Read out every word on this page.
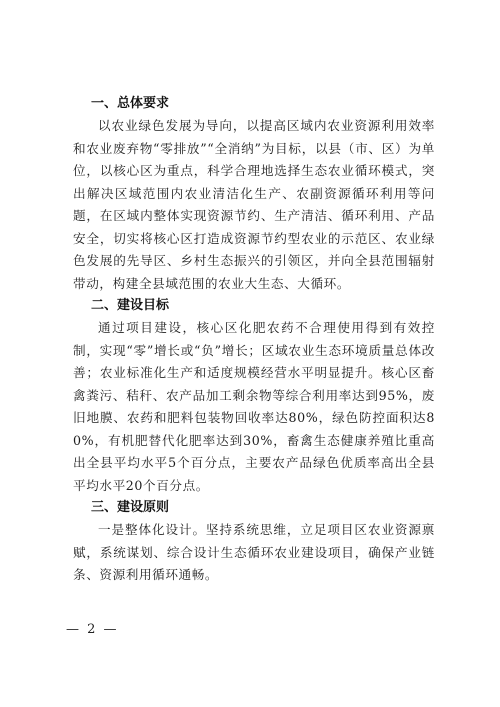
一、总体要求

以农业绿色发展为导向，以提高区域内农业资源利用效率和农业废弃物“零排放”“全消纳”为目标，以县（市、区）为单位，以核心区为重点，科学合理地选择生态农业循环模式，突出解决区域范围内农业清洁化生产、农副资源循环利用等问题，在区域内整体实现资源节约、生产清洁、循环利用、产品安全，切实将核心区打造成资源节约型农业的示范区、农业绿色发展的先导区、乡村生态振兴的引领区，并向全县范围辐射带动，构建全县域范围的农业大生态、大循环。

二、建设目标

通过项目建设，核心区化肥农药不合理使用得到有效控制，实现“零”增长或“负”增长；区域农业生态环境质量总体改善；农业标准化生产和适度规模经营水平明显提升。核心区畜禽粪污、秸秆、农产品加工剩余物等综合利用率达到95%，废旧地膜、农药和肥料包装物回收率达80%，绿色防控面积达80%，有机肥替代化肥率达到30%，畜禽生态健康养殖比重高出全县平均水平5个百分点，主要农产品绿色优质率高出全县平均水平20个百分点。

三、建设原则

一是整体化设计。坚持系统思维，立足项目区农业资源禀赋，系统谋划、综合设计生态循环农业建设项目，确保产业链条、资源利用循环通畅。

— 2 —
